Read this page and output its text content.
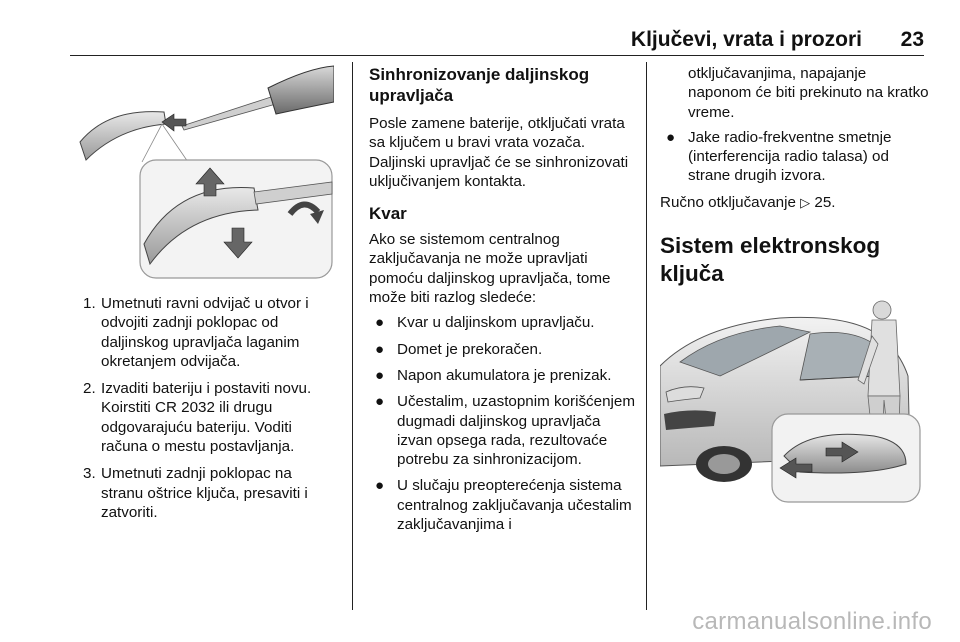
Ključevi, vrata i prozori 23
1. Umetnuti ravni odvijač u otvor i odvojiti zadnji poklopac od daljinskog upravljača laganim okretanjem odvijača.
2. Izvaditi bateriju i postaviti novu. Koirstiti CR 2032 ili drugu odgovarajuću bateriju. Voditi računa o mestu postavljanja.
3. Umetnuti zadnji poklopac na stranu oštrice ključa, presaviti i zatvoriti.
Sinhronizovanje daljinskog upravljača

Posle zamene baterije, otključati vrata sa ključem u bravi vrata vozača. Daljinski upravljač će se sinhronizovati uključivanjem kontakta.

Kvar

Ako se sistemom centralnog zaključavanja ne može upravljati pomoću daljinskog upravljača, tome može biti razlog sledeće:

● Kvar u daljinskom upravljaču.
● Domet je prekoračen.
● Napon akumulatora je prenizak.
● Učestalim, uzastopnim korišćenjem dugmadi daljinskog upravljača izvan opsega rada, rezultovaće potrebu za sinhronizacijom.
● U slučaju preopterećenja sistema centralnog zaključavanja učestalim zaključavanjima i

otključavanjima, napajanje naponom će biti prekinuto na kratko vreme.

● Jake radio-frekventne smetnje (interferencija radio talasa) od strane drugih izvora.

Ručno otključavanje ▷ 25.

Sistem elektronskog ključa
carmanualsonline.info
